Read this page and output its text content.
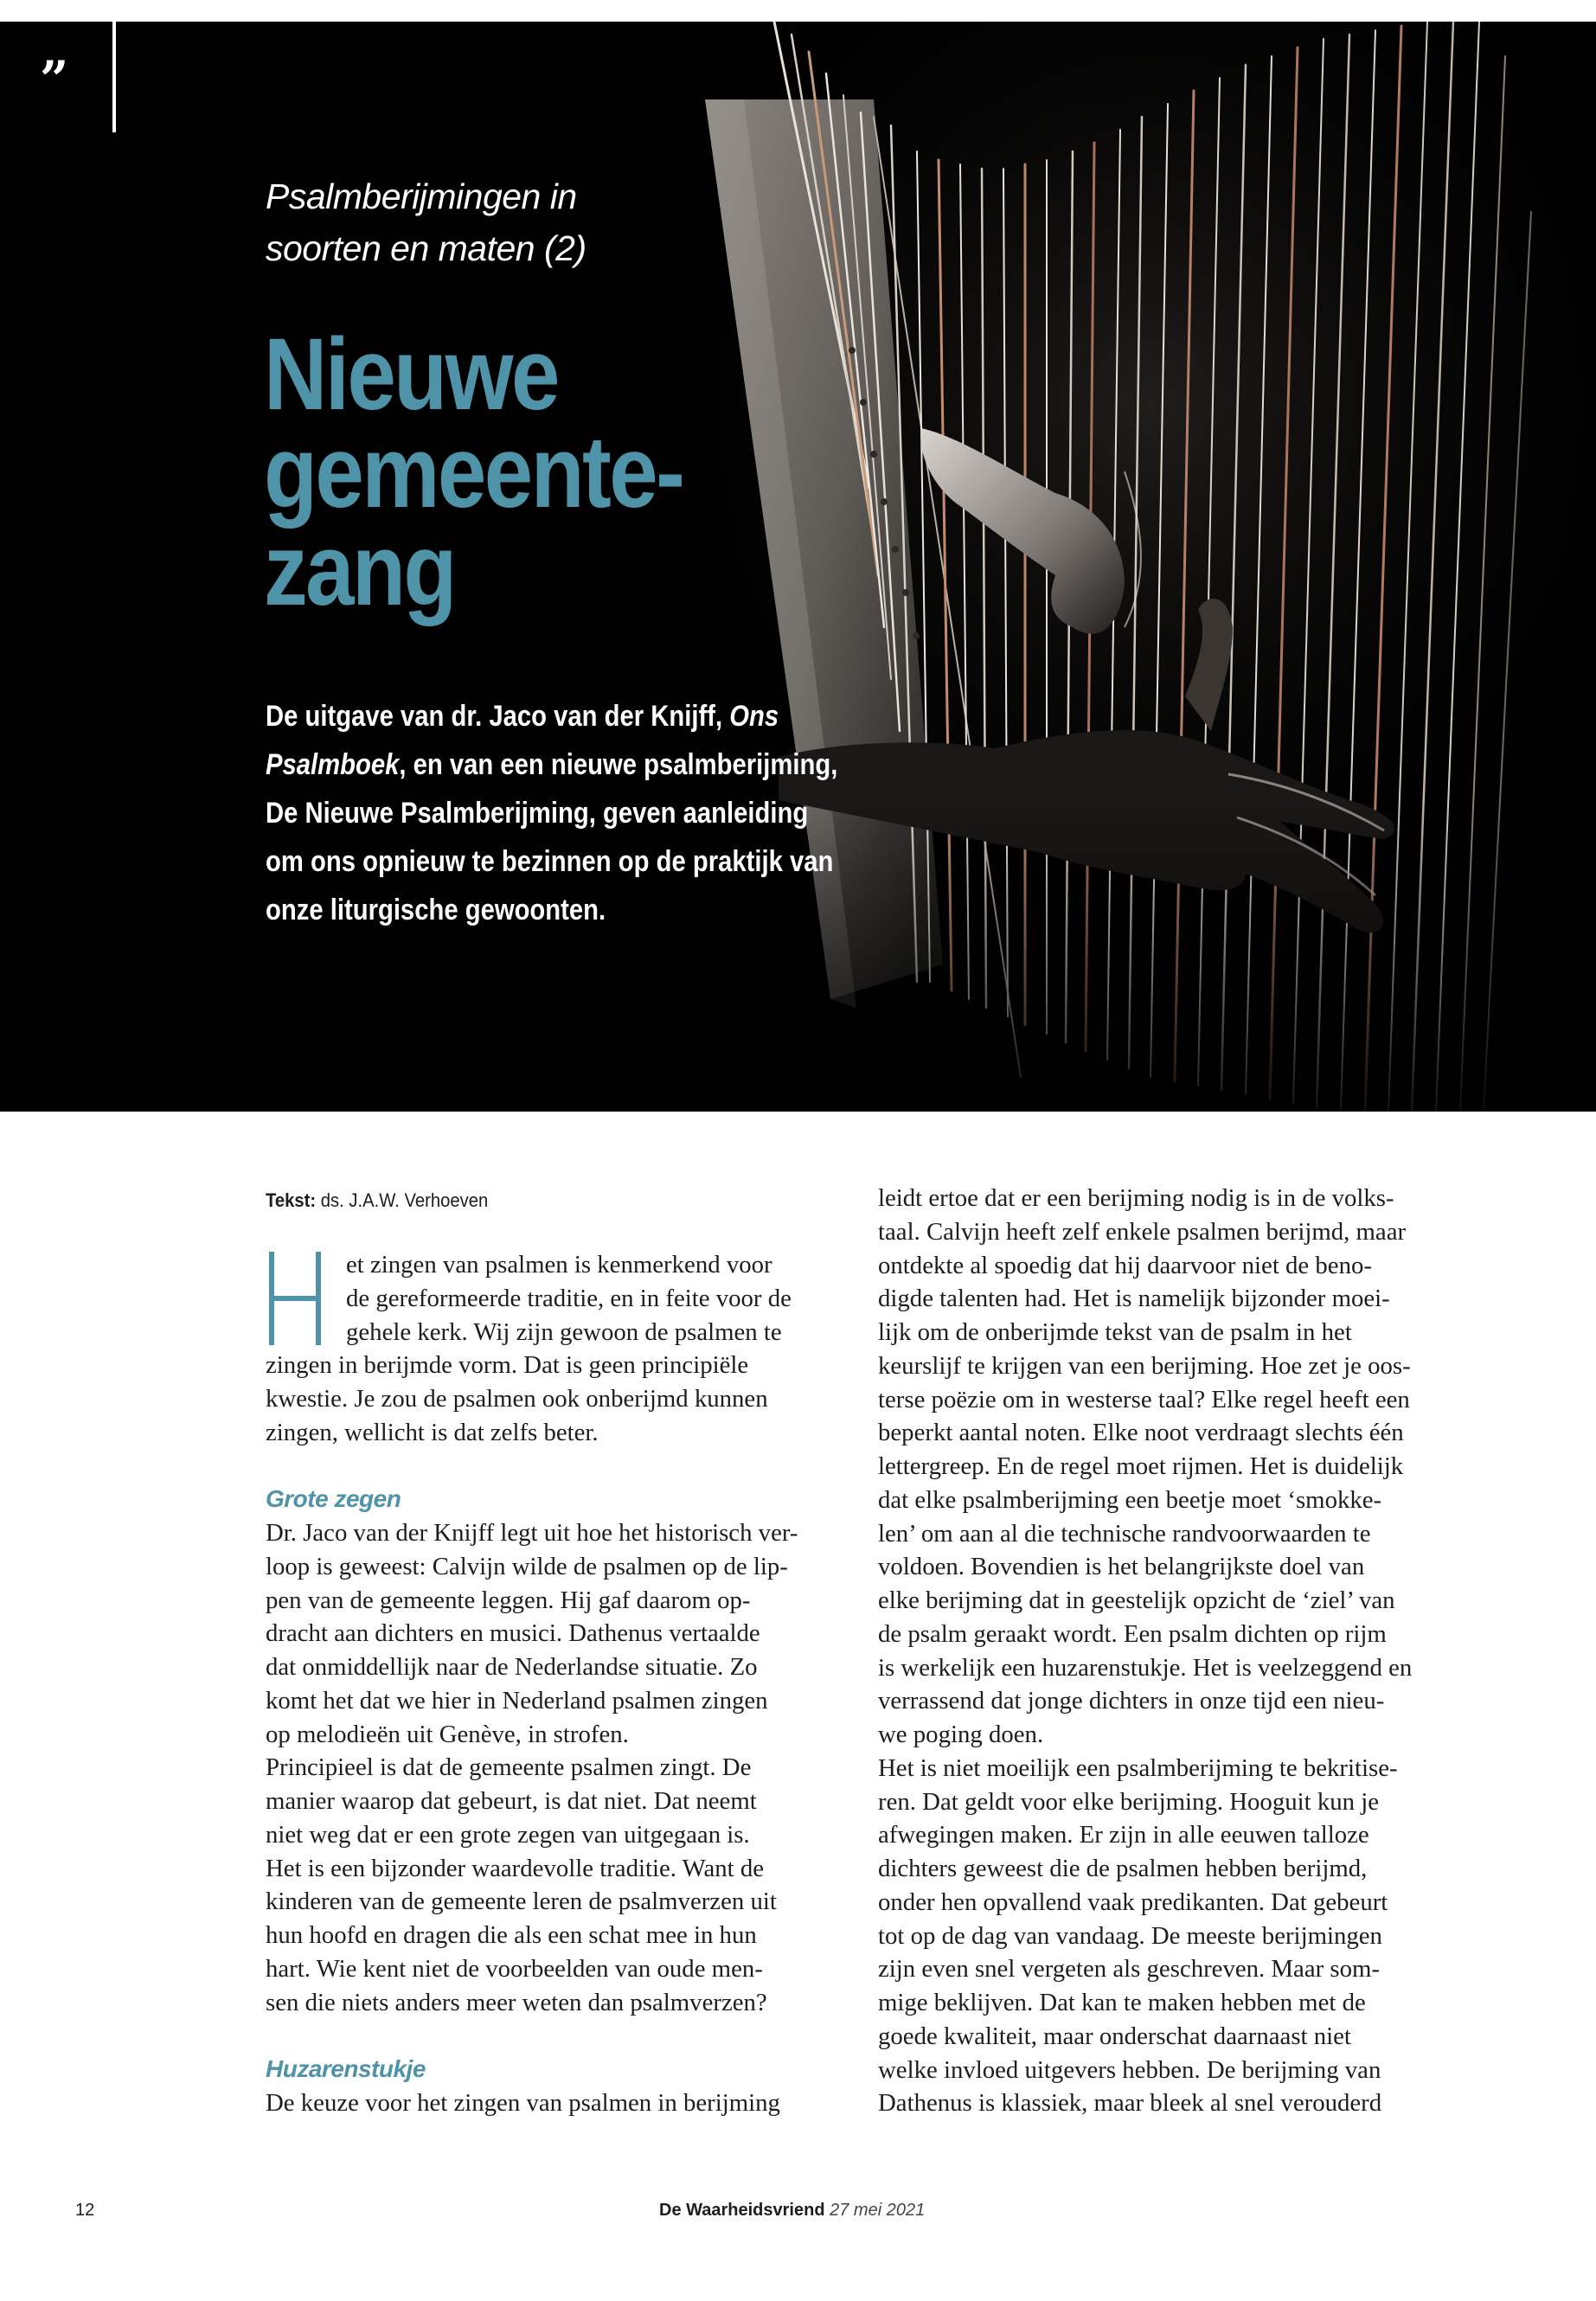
”
Psalmberijmingen in
soorten en maten (2)
Nieuwe
gemeente-
zang
De uitgave van dr. Jaco van der Knijff, Ons
Psalmboek, en van een nieuwe psalmberijming,
De Nieuwe Psalmberijming, geven aanleiding
om ons opnieuw te bezinnen op de praktijk van
onze liturgische gewoonten.
Tekst: ds. J.A.W. Verhoeven
et zingen van psalmen is kenmerkend voor
de gereformeerde traditie, en in feite voor de
gehele kerk. Wij zijn gewoon de psalmen te
zingen in berijmde vorm. Dat is geen principiële
kwestie. Je zou de psalmen ook onberijmd kunnen
zingen, wellicht is dat zelfs beter.
Grote zegen
Dr. Jaco van der Knijff legt uit hoe het historisch ver-
loop is geweest: Calvijn wilde de psalmen op de lip-
pen van de gemeente leggen. Hij gaf daarom op-
dracht aan dichters en musici. Dathenus vertaalde
dat onmiddellijk naar de Nederlandse situatie. Zo
komt het dat we hier in Nederland psalmen zingen
op melodieën uit Genève, in strofen.
Principieel is dat de gemeente psalmen zingt. De
manier waarop dat gebeurt, is dat niet. Dat neemt
niet weg dat er een grote zegen van uitgegaan is.
Het is een bijzonder waardevolle traditie. Want de
kinderen van de gemeente leren de psalmverzen uit
hun hoofd en dragen die als een schat mee in hun
hart. Wie kent niet de voorbeelden van oude men-
sen die niets anders meer weten dan psalmverzen?
Huzarenstukje
De keuze voor het zingen van psalmen in berijming
leidt ertoe dat er een berijming nodig is in de volks-
taal. Calvijn heeft zelf enkele psalmen berijmd, maar
ontdekte al spoedig dat hij daarvoor niet de beno-
digde talenten had. Het is namelijk bijzonder moei-
lijk om de onberijmde tekst van de psalm in het
keurslijf te krijgen van een berijming. Hoe zet je oos-
terse poëzie om in westerse taal? Elke regel heeft een
beperkt aantal noten. Elke noot verdraagt slechts één
lettergreep. En de regel moet rijmen. Het is duidelijk
dat elke psalmberijming een beetje moet ‘smokke-
len’ om aan al die technische randvoorwaarden te
voldoen. Bovendien is het belangrijkste doel van
elke berijming dat in geestelijk opzicht de ‘ziel’ van
de psalm geraakt wordt. Een psalm dichten op rijm
is werkelijk een huzarenstukje. Het is veelzeggend en
verrassend dat jonge dichters in onze tijd een nieu-
we poging doen.
Het is niet moeilijk een psalmberijming te bekritise-
ren. Dat geldt voor elke berijming. Hooguit kun je
afwegingen maken. Er zijn in alle eeuwen talloze
dichters geweest die de psalmen hebben berijmd,
onder hen opvallend vaak predikanten. Dat gebeurt
tot op de dag van vandaag. De meeste berijmingen
zijn even snel vergeten als geschreven. Maar som-
mige beklijven. Dat kan te maken hebben met de
goede kwaliteit, maar onderschat daarnaast niet
welke invloed uitgevers hebben. De berijming van
Dathenus is klassiek, maar bleek al snel verouderd
12	De Waarheidsvriend 27 mei 2021
